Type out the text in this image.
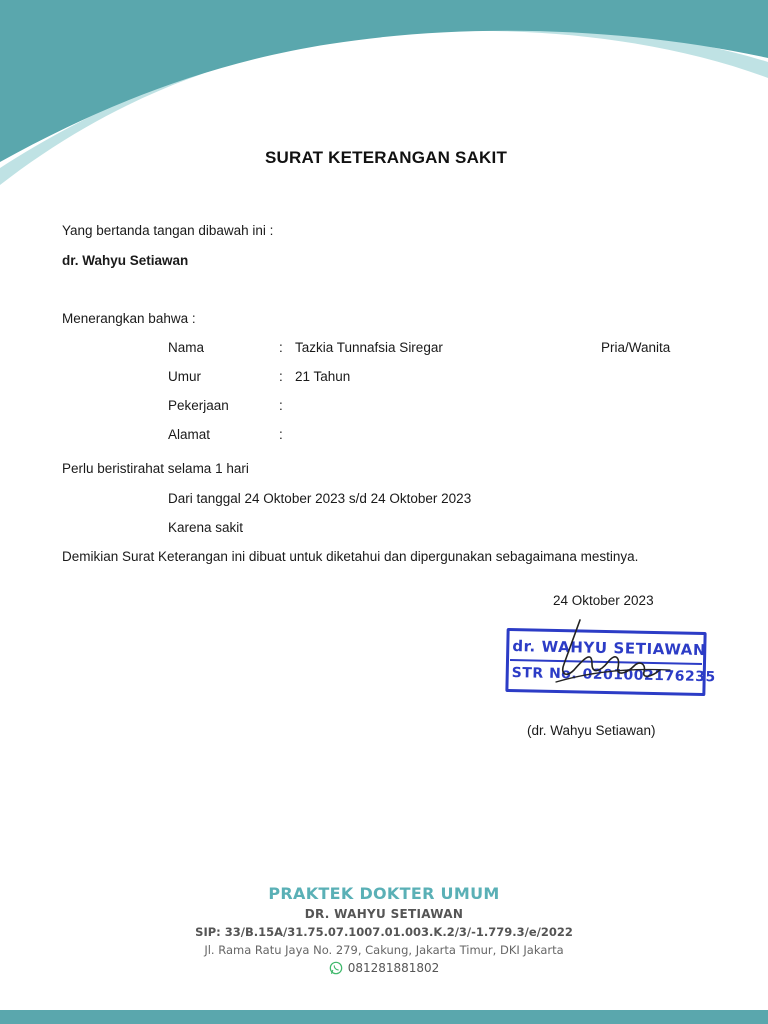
SURAT KETERANGAN SAKIT
Yang bertanda tangan dibawah ini :
dr. Wahyu Setiawan
Menerangkan bahwa :
Nama	: Tazkia Tunnafsia Siregar	Pria/Wanita
Umur	: 21 Tahun
Pekerjaan	:
Alamat	:
Perlu beristirahat selama 1 hari
Dari tanggal 24 Oktober 2023 s/d 24 Oktober 2023
Karena sakit
Demikian Surat Keterangan ini dibuat untuk diketahui dan dipergunakan sebagaimana mestinya.
24 Oktober 2023
dr. WAHYU SETIAWAN
STR No. 0201002176235
(dr. Wahyu Setiawan)
PRAKTEK DOKTER UMUM
DR. WAHYU SETIAWAN
SIP: 33/B.15A/31.75.07.1007.01.003.K.2/3/-1.779.3/e/2022
Jl. Rama Ratu Jaya No. 279, Cakung, Jakarta Timur, DKI Jakarta
081281881802
